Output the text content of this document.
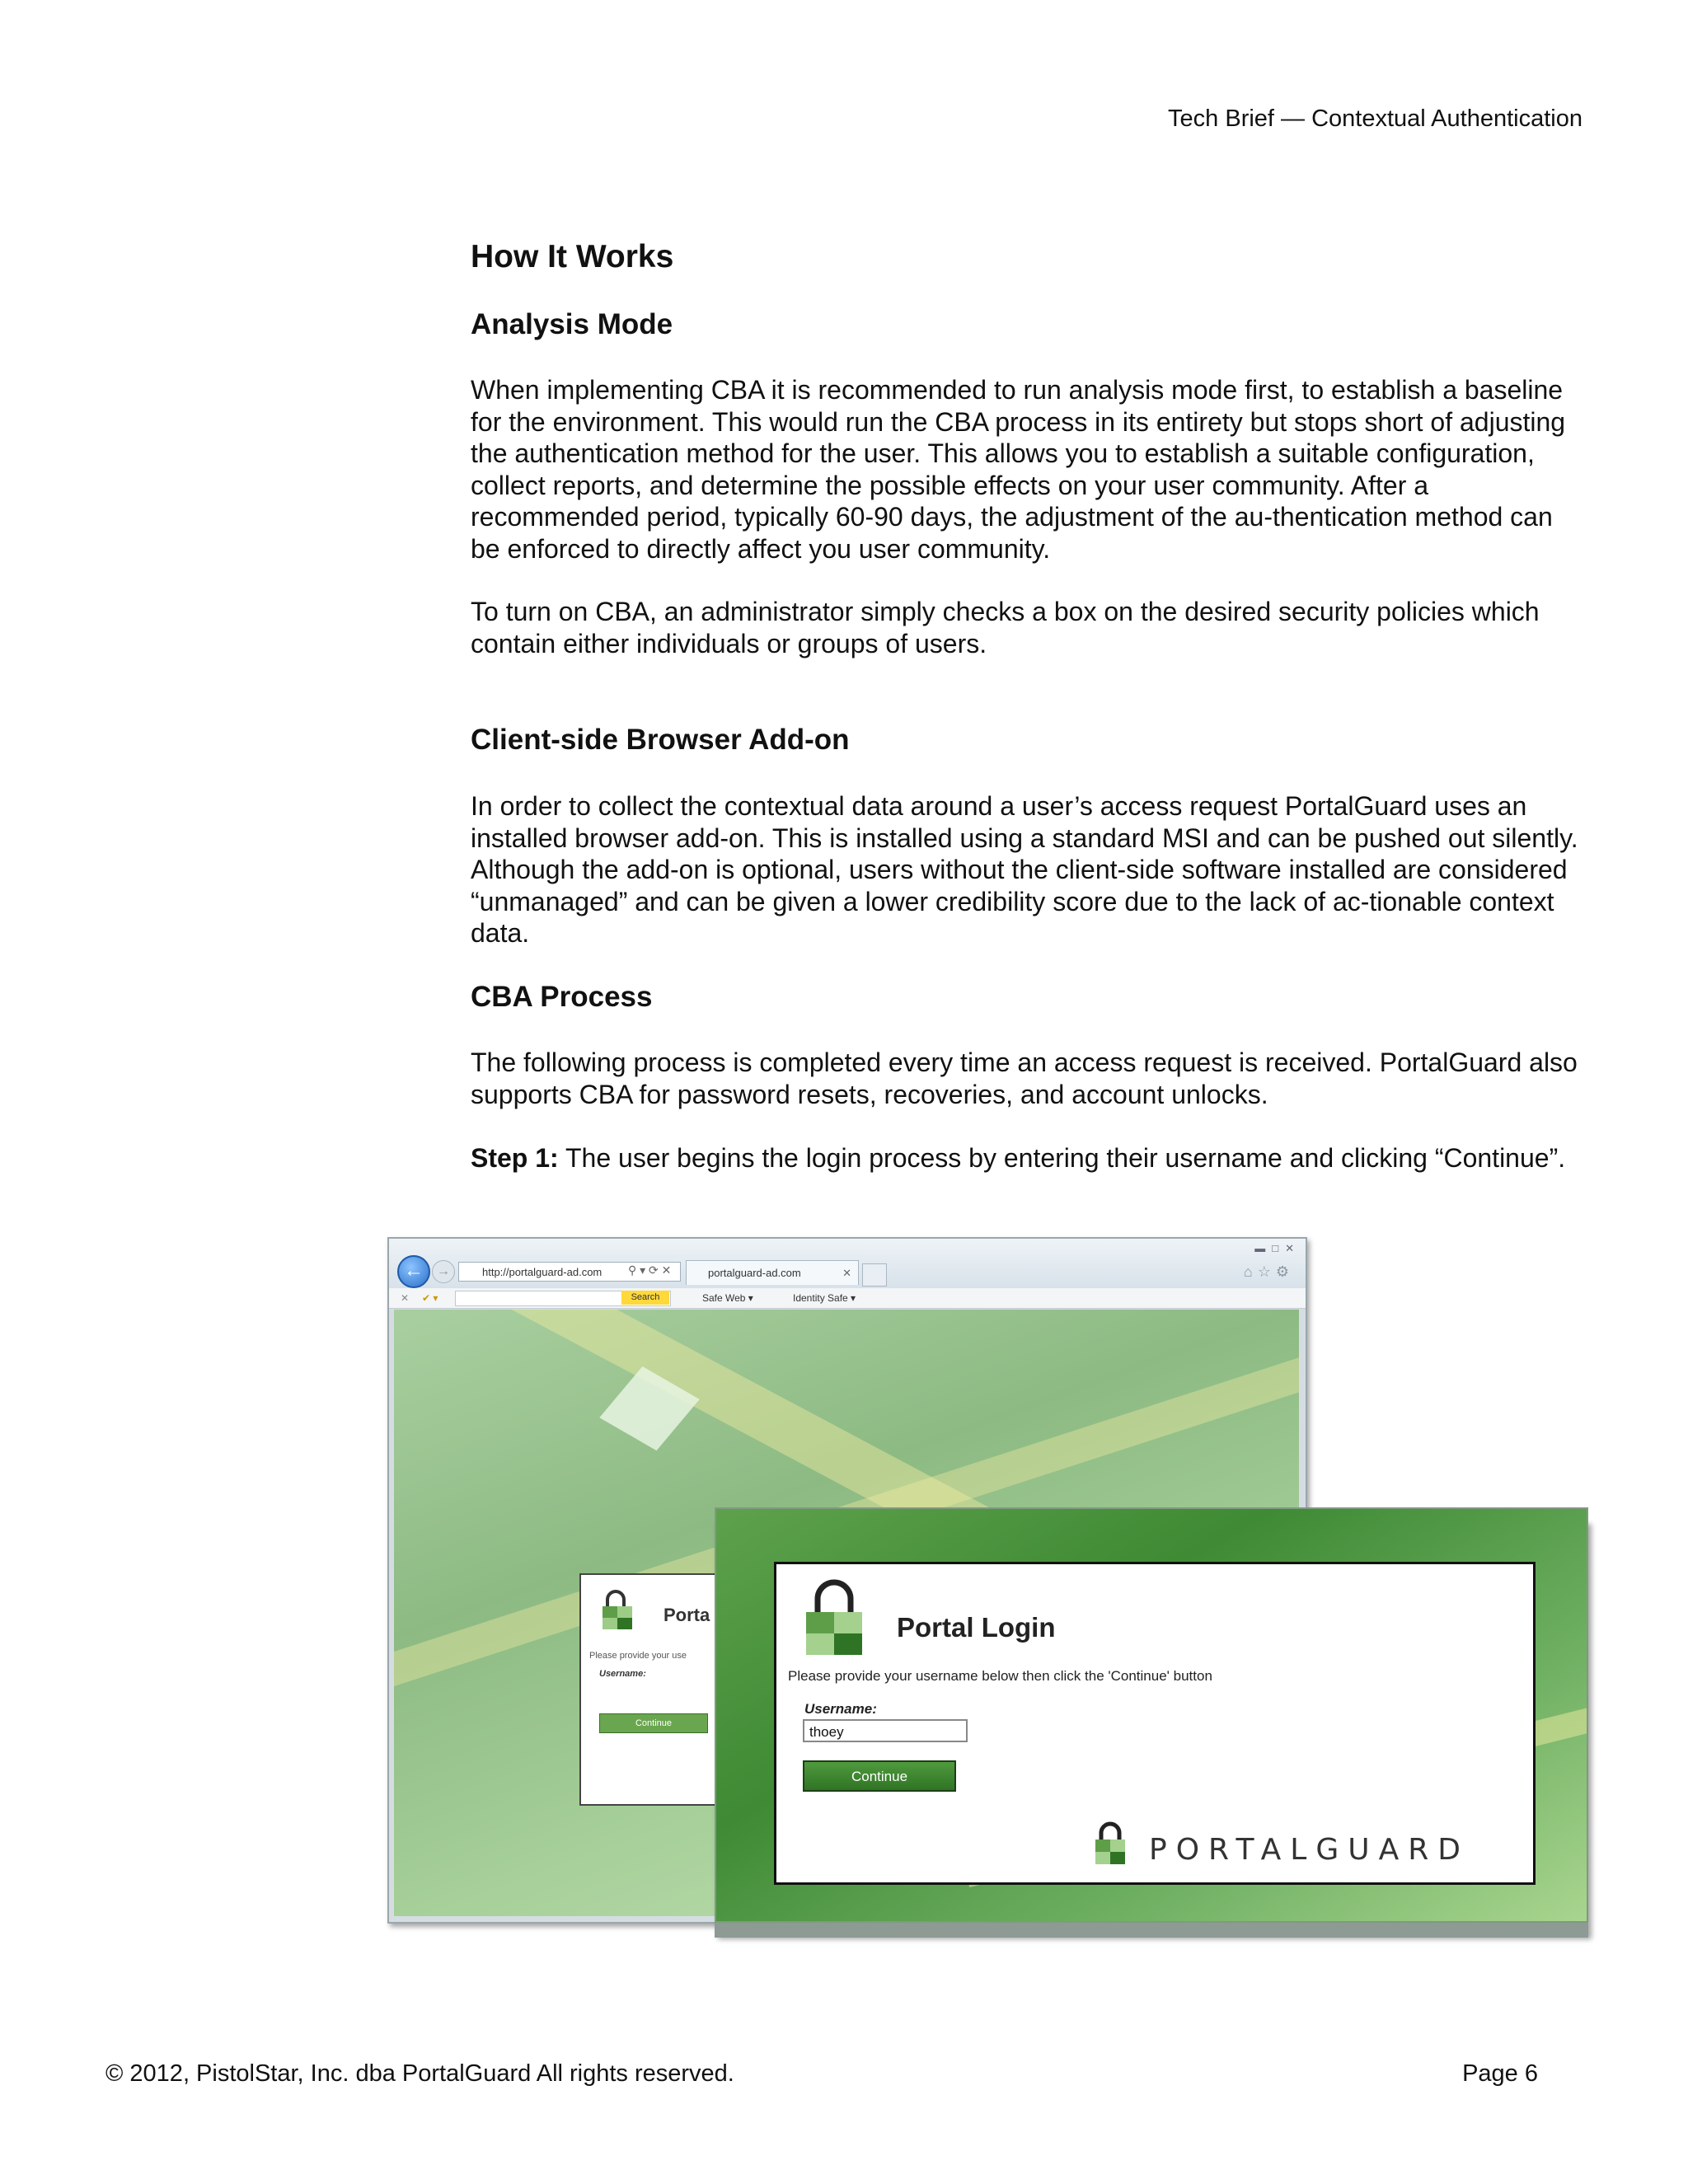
Tech Brief — Contextual Authentication
How It Works
Analysis Mode

When implementing CBA it is recommended to run analysis mode first, to establish a baseline for the environment. This would run the CBA process in its entirety but stops short of adjusting the authentication method for the user. This allows you to establish a suitable configuration, collect reports, and determine the possible effects on your user community. After a recommended period, typically 60-90 days, the adjustment of the au-thentication method can be enforced to directly affect you user community.

To turn on CBA, an administrator simply checks a box on the desired security policies which contain either individuals or groups of users.

Client-side Browser Add-on

In order to collect the contextual data around a user’s access request PortalGuard uses an installed browser add-on. This is installed using a standard MSI and can be pushed out silently. Although the add-on is optional, users without the client-side software installed are considered “unmanaged” and can be given a lower credibility score due to the lack of ac-tionable context data.

CBA Process

The following process is completed every time an access request is received. PortalGuard also supports CBA for password resets, recoveries, and account unlocks.

Step 1: The user begins the login process by entering their username and clicking “Continue”.

←	→	http://portalguard-ad.com	⚲ ▾ ⟳ ✕	portalguard-ad.com	✕
▬□✕
⌂☆⚙
✕ ✔ ▾	Search	Safe Web ▾	Identity Safe ▾
Porta
Please provide your use
Username:
Continue
Portal Login
Please provide your username below then click the 'Continue' button
Username:
thoey
Continue
PORTALGUARD
© 2012, PistolStar, Inc. dba PortalGuard All rights reserved.	Page 6
